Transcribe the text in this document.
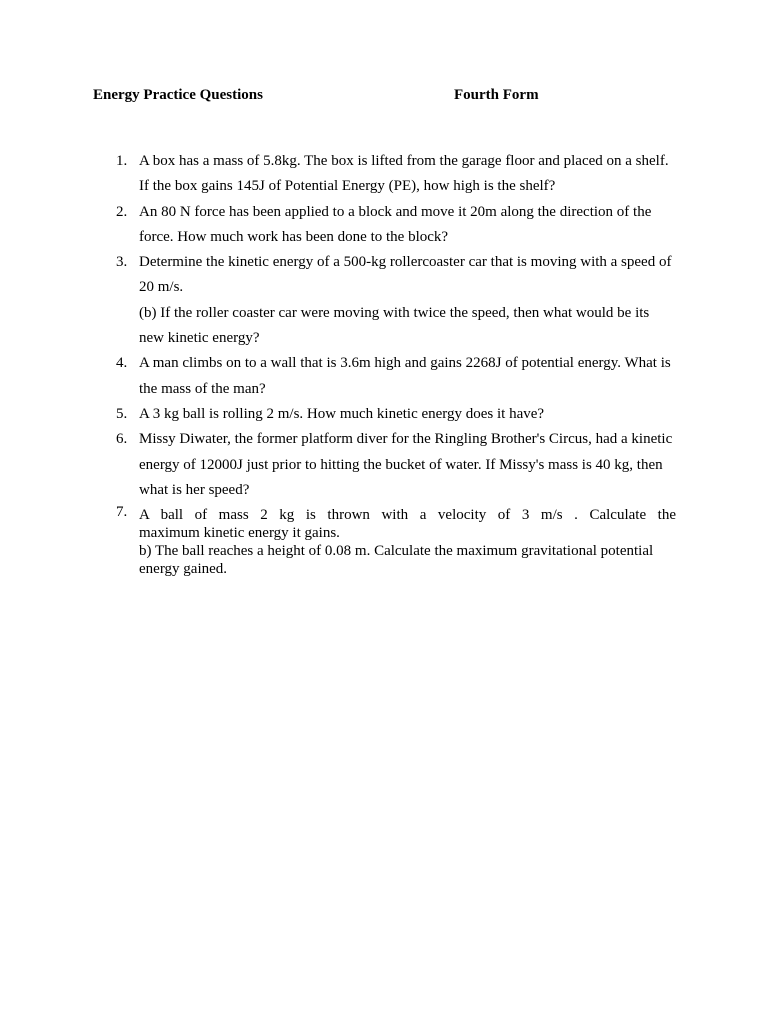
Energy Practice Questions	Fourth Form
1. A box has a mass of 5.8kg. The box is lifted from the garage floor and placed on a shelf. If the box gains 145J of Potential Energy (PE), how high is the shelf?

2. An 80 N force has been applied to a block and move it 20m along the direction of the force. How much work has been done to the block?

3. Determine the kinetic energy of a 500-kg rollercoaster car that is moving with a speed of 20 m/s.

(b) If the roller coaster car were moving with twice the speed, then what would be its new kinetic energy?

4. A man climbs on to a wall that is 3.6m high and gains 2268J of potential energy. What is the mass of the man?

5. A 3 kg ball is rolling 2 m/s. How much kinetic energy does it have?

6. Missy Diwater, the former platform diver for the Ringling Brother's Circus, had a kinetic energy of 12000J just prior to hitting the bucket of water. If Missy's mass is 40 kg, then what is her speed?

7. A ball of mass 2 kg is thrown with a velocity of 3 m/s . Calculate the

maximum kinetic energy it gains.

b) The ball reaches a height of 0.08 m. Calculate the maximum gravitational potential energy gained.
